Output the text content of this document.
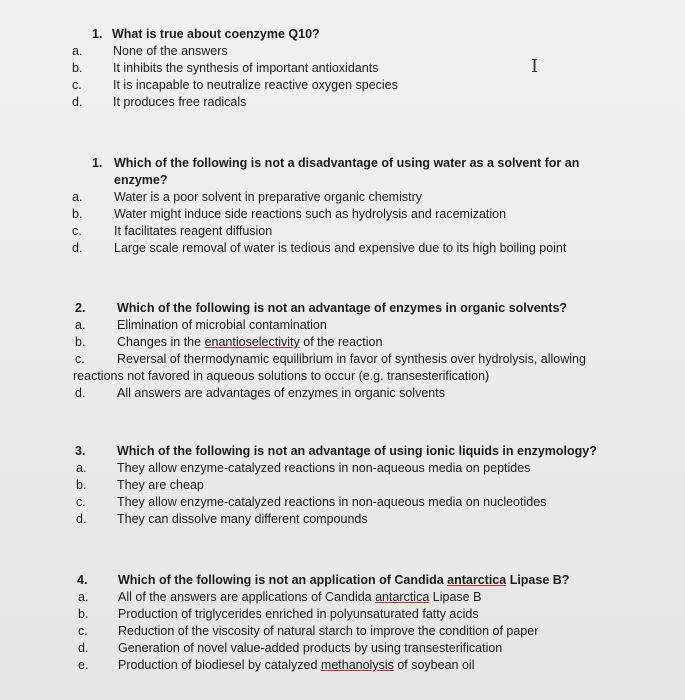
1. What is true about coenzyme Q10?
a. None of the answers
b. It inhibits the synthesis of important antioxidants
c.	It is incapable to neutralize reactive oxygen species
d. It produces free radicals
I
1. Which of the following is not a disadvantage of using water as a solvent for an
enzyme?
a.	Water is a poor solvent in preparative organic chemistry
b.	Water might induce side reactions such as hydrolysis and racemization
c.	It facilitates reagent diffusion
d.	Large scale removal of water is tedious and expensive due to its high boiling point
2.	Which of the following is not an advantage of enzymes in organic solvents?
a.	Elimination of microbial contamination
b.	Changes in the enantioselectivity of the reaction
c.	Reversal of thermodynamic equilibrium in favor of synthesis over hydrolysis, allowing
reactions not favored in aqueous solutions to occur (e.g. transesterification)
d.	All answers are advantages of enzymes in organic solvents
3.	Which of the following is not an advantage of using ionic liquids in enzymology?
a. They allow enzyme-catalyzed reactions in non-aqueous media on peptides
b. They are cheap
c.	They allow enzyme-catalyzed reactions in non-aqueous media on nucleotides
d. They can dissolve many different compounds
4. Which of the following is not an application of Candida antarctica Lipase B?
a. All of the answers are applications of Candida antarctica Lipase B
b. Production of triglycerides enriched in polyunsaturated fatty acids
c. Reduction of the viscosity of natural starch to improve the condition of paper
d. Generation of novel value-added products by using transesterification
e. Production of biodiesel by catalyzed methanolysis of soybean oil
